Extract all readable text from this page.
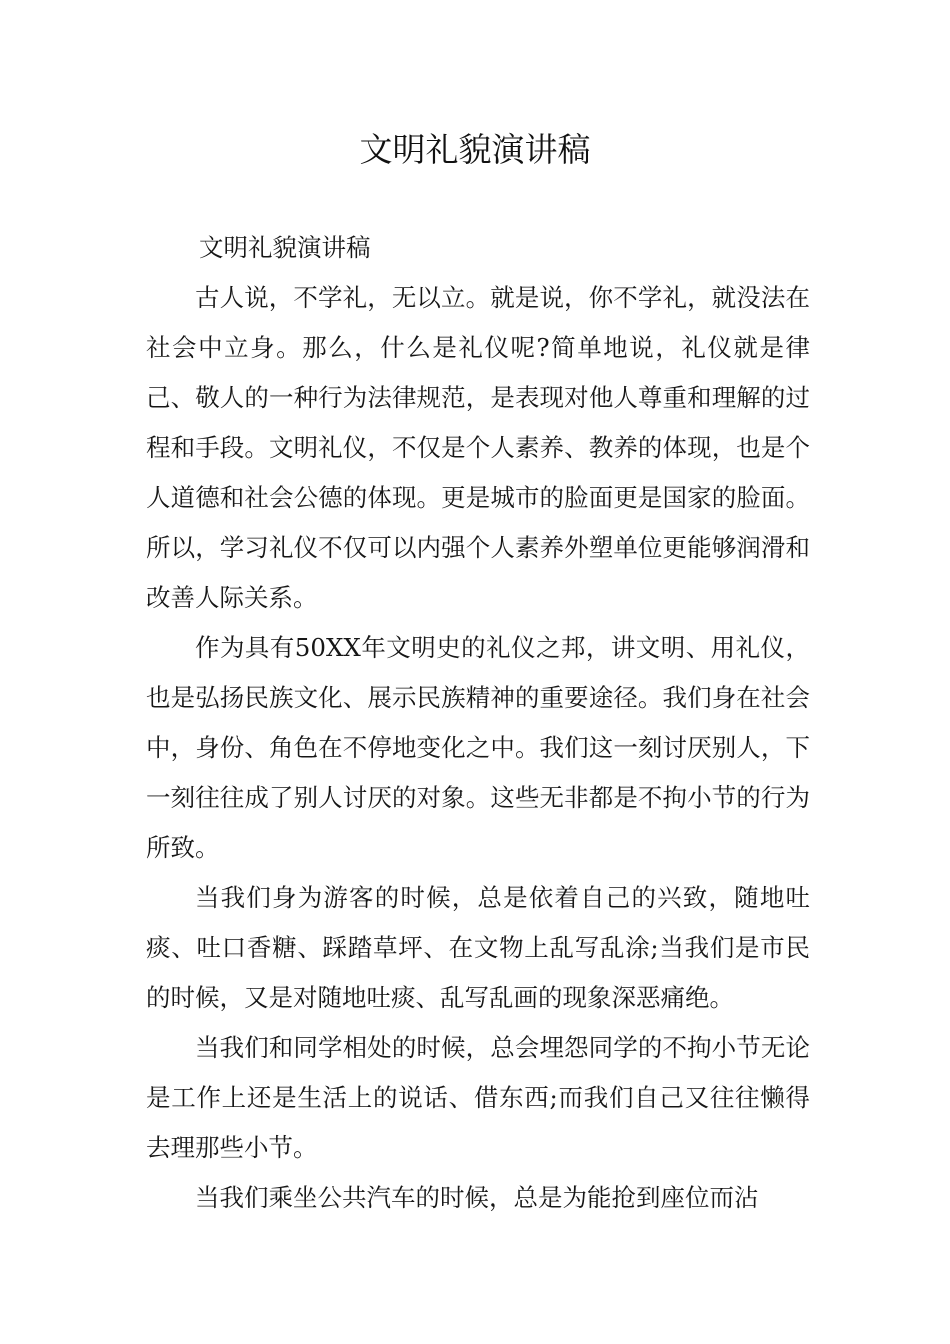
文明礼貌演讲稿

文明礼貌演讲稿

古人说，不学礼，无以立。就是说，你不学礼，就没法在社会中立身。那么，什么是礼仪呢?简单地说，礼仪就是律己、敬人的一种行为法律规范，是表现对他人尊重和理解的过程和手段。文明礼仪，不仅是个人素养、教养的体现，也是个人道德和社会公德的体现。更是城市的脸面更是国家的脸面。所以，学习礼仪不仅可以内强个人素养外塑单位更能够润滑和改善人际关系。

作为具有50XX年文明史的礼仪之邦，讲文明、用礼仪，也是弘扬民族文化、展示民族精神的重要途径。我们身在社会中，身份、角色在不停地变化之中。我们这一刻讨厌别人，下一刻往往成了别人讨厌的对象。这些无非都是不拘小节的行为所致。

当我们身为游客的时候，总是依着自己的兴致，随地吐痰、吐口香糖、踩踏草坪、在文物上乱写乱涂;当我们是市民的时候，又是对随地吐痰、乱写乱画的现象深恶痛绝。

当我们和同学相处的时候，总会埋怨同学的不拘小节无论是工作上还是生活上的说话、借东西;而我们自己又往往懒得去理那些小节。

当我们乘坐公共汽车的时候，总是为能抢到座位而沾
